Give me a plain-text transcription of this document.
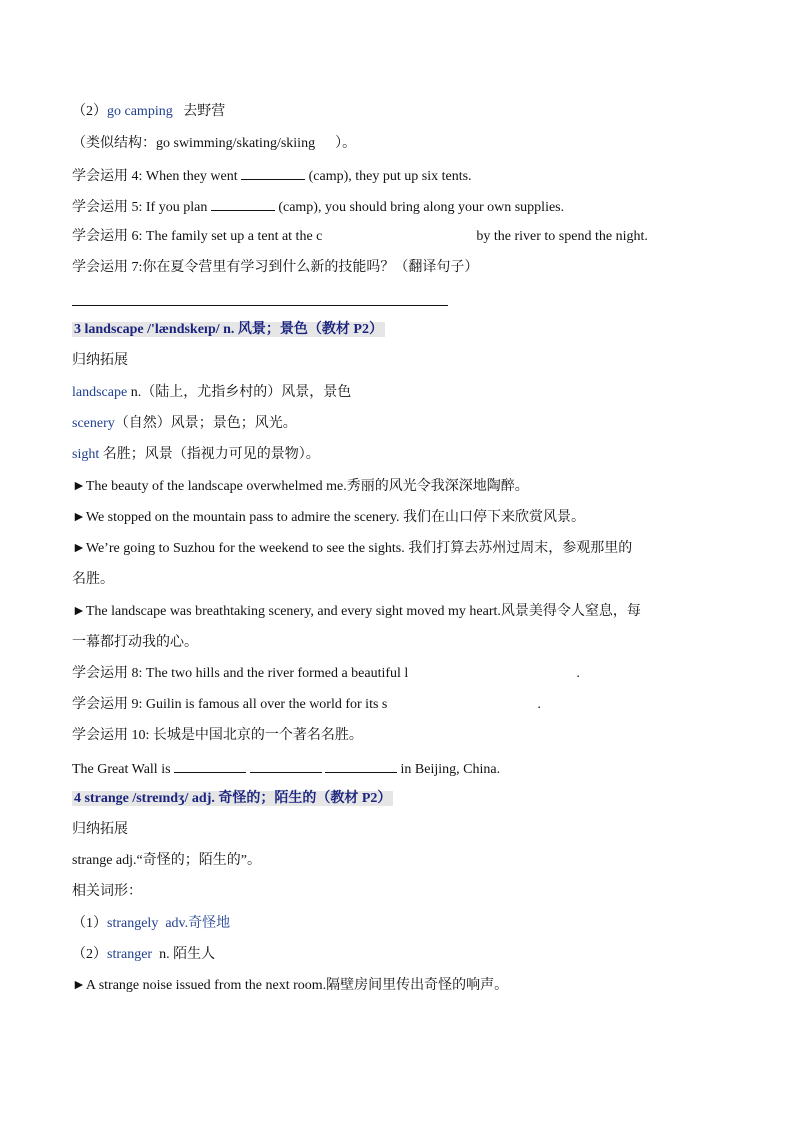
（2）go camping 去野营
（类似结构：go swimming/skating/skiing ）。
学会运用 4: When they went	(camp), they put up six tents.
学会运用 5: If you plan	(camp), you should bring along your own supplies.
学会运用 6: The family set up a tent at the c	by the river to spend the night.
学会运用 7:你在夏令营里有学习到什么新的技能吗？（翻译句子）
3 landscape /'lændskeɪp/ n. 风景；景色（教材 P2）
归纳拓展
landscape n.（陆上，尤指乡村的）风景，景色
scenery（自然）风景；景色；风光。
sight 名胜；风景（指视力可见的景物）。
►The beauty of the landscape overwhelmed me.秀丽的风光令我深深地陶醉。
►We stopped on the mountain pass to admire the scenery. 我们在山口停下来欣赏风景。
►We’re going to Suzhou for the weekend to see the sights. 我们打算去苏州过周末，参观那里的
名胜。
►The landscape was breathtaking scenery, and every sight moved my heart.风景美得令人窒息，每
一幕都打动我的心。
学会运用 8: The two hills and the river formed a beautiful l	.
学会运用 9: Guilin is famous all over the world for its s	.
学会运用 10: 长城是中国北京的一个著名名胜。
The Great Wall is	in Beijing, China.
4 strange /streɪndʒ/ adj. 奇怪的；陌生的（教材 P2）
归纳拓展
strange adj.“奇怪的；陌生的”。
相关词形：
（1）strangely adv.奇怪地
（2）stranger n. 陌生人
►A strange noise issued from the next room.隔壁房间里传出奇怪的响声。
